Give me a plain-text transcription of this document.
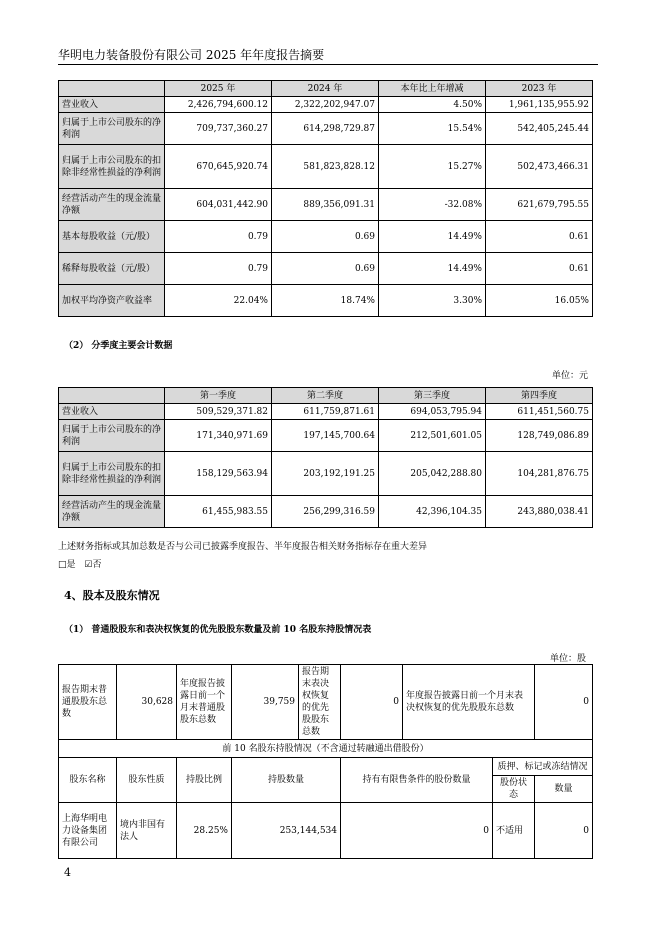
华明电力装备股份有限公司 2025 年年度报告摘要
	2025 年	2024 年	本年比上年增减	2023 年
营业收入	2,426,794,600.12	2,322,202,947.07	4.50%	1,961,135,955.92
归属于上市公司股东的净利润	709,737,360.27	614,298,729.87	15.54%	542,405,245.44
归属于上市公司股东的扣除非经常性损益的净利润	670,645,920.74	581,823,828.12	15.27%	502,473,466.31
经营活动产生的现金流量净额	604,031,442.90	889,356,091.31	-32.08%	621,679,795.55
基本每股收益（元/股）	0.79	0.69	14.49%	0.61
稀释每股收益（元/股）	0.79	0.69	14.49%	0.61
加权平均净资产收益率	22.04%	18.74%	3.30%	16.05%
（2） 分季度主要会计数据
单位：元
	第一季度	第二季度	第三季度	第四季度
营业收入	509,529,371.82	611,759,871.61	694,053,795.94	611,451,560.75
归属于上市公司股东的净利润	171,340,971.69	197,145,700.64	212,501,601.05	128,749,086.89
归属于上市公司股东的扣除非经常性损益的净利润	158,129,563.94	203,192,191.25	205,042,288.80	104,281,876.75
经营活动产生的现金流量净额	61,455,983.55	256,299,316.59	42,396,104.35	243,880,038.41
上述财务指标或其加总数是否与公司已披露季度报告、半年度报告相关财务指标存在重大差异
□是 ☑否
4、股本及股东情况
（1） 普通股股东和表决权恢复的优先股股东数量及前 10 名股东持股情况表
单位：股
报告期末普通股股东总数	30,628	年度报告披露日前一个月末普通股股东总数	39,759	报告期末表决权恢复的优先股股东总数	0	年度报告披露日前一个月末表决权恢复的优先股股东总数		0
前 10 名股东持股情况（不含通过转融通出借股份）								
股东名称	股东性质	持股比例	持股数量		持有有限售条件的股份数量		质押、标记或冻结情况	
							股份状态	数量
上海华明电力设备集团有限公司	境内非国有法人	28.25%	253,144,534		0		不适用	0
4
